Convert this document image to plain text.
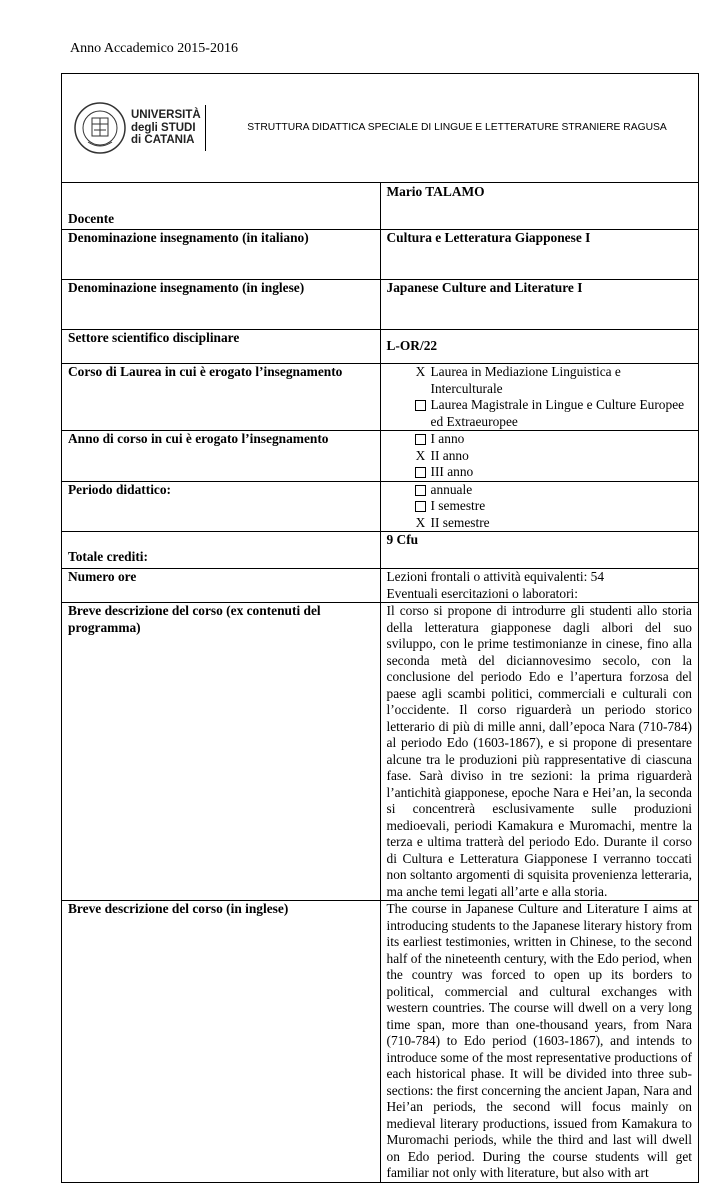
Anno Accademico 2015-2016
UNIVERSITÀ
degli STUDI
di CATANIA
STRUTTURA DIDATTICA SPECIALE DI LINGUE E LETTERATURE STRANIERE RAGUSA	

Docente	Mario TALAMO
Denominazione insegnamento (in italiano)	Cultura e Letteratura Giapponese I
Denominazione insegnamento (in inglese)	Japanese Culture and Literature I
Settore scientifico disciplinare	L-OR/22
Corso di Laurea in cui è erogato l’insegnamento	X Laurea in Mediazione Linguistica e Interculturale
Laurea Magistrale in Lingue e Culture Europee ed Extraeuropee

Anno di corso in cui è erogato l’insegnamento	I anno
X II anno
III anno

Periodo didattico:	annuale
I semestre
X II semestre

Totale crediti:	9 Cfu
Numero ore	Lezioni frontali o attività equivalenti: 54
Eventuali esercitazioni o laboratori:

Breve descrizione del corso (ex contenuti del programma)	Il corso si propone di introdurre gli studenti allo storia della letteratura giapponese dagli albori del suo sviluppo, con le prime testimonianze in cinese, fino alla seconda metà del diciannovesimo secolo, con la conclusione del periodo Edo e l’apertura forzosa del paese agli scambi politici, commerciali e culturali con l’occidente. Il corso riguarderà un periodo storico letterario di più di mille anni, dall’epoca Nara (710-784) al periodo Edo (1603-1867), e si propone di presentare alcune tra le produzioni più rappresentative di ciascuna fase. Sarà diviso in tre sezioni: la prima riguarderà l’antichità giapponese, epoche Nara e Hei’an, la seconda si concentrerà esclusivamente sulle produzioni medioevali, periodi Kamakura e Muromachi, mentre la terza e ultima tratterà del periodo Edo. Durante il corso di Cultura e Letteratura Giapponese I verranno toccati non soltanto argomenti di squisita provenienza letteraria, ma anche temi legati all’arte e alla storia.
Breve descrizione del corso (in inglese)	The course in Japanese Culture and Literature I aims at introducing students to the Japanese literary history from its earliest testimonies, written in Chinese, to the second half of the nineteenth century, with the Edo period, when the country was forced to open up its borders to political, commercial and cultural exchanges with western countries. The course will dwell on a very long time span, more than one-thousand years, from Nara (710-784) to Edo period (1603-1867), and intends to introduce some of the most representative productions of each historical phase. It will be divided into three sub-sections: the first concerning the ancient Japan, Nara and Hei’an periods, the second will focus mainly on medieval literary productions, issued from Kamakura to Muromachi periods, while the third and last will dwell on Edo period. During the course students will get familiar not only with literature, but also with art
